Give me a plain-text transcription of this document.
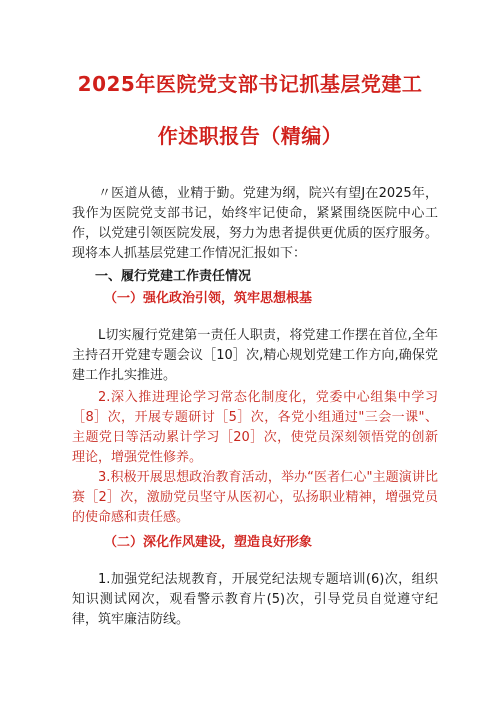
2025年医院党支部书记抓基层党建工
作述职报告（精编）

〃医道从德，业精于勤。党建为纲，院兴有望J在2025年，我作为医院党支部书记，始终牢记使命，紧紧围绕医院中心工作，以党建引领医院发展，努力为患者提供更优质的医疗服务。现将本人抓基层党建工作情况汇报如下：

一、履行党建工作责任情况
（一）强化政治引领，筑牢思想根基

L切实履行党建第一责任人职责，将党建工作摆在首位,全年主持召开党建专题会议［10］次,精心规划党建工作方向,确保党建工作扎实推进。

2.深入推进理论学习常态化制度化，党委中心组集中学习［8］次，开展专题研讨［5］次，各党小组通过"三会一课"、主题党日等活动累计学习［20］次，使党员深刻领悟党的创新理论，增强党性修养。

3.积极开展思想政治教育活动，举办“医者仁心"主题演讲比赛［2］次，激励党员坚守从医初心，弘扬职业精神，增强党员的使命感和责任感。

（二）深化作风建设，塑造良好形象

1.加强党纪法规教育，开展党纪法规专题培训(6)次，组织知识测试网次，观看警示教育片(5)次，引导党员自觉遵守纪律，筑牢廉洁防线。
